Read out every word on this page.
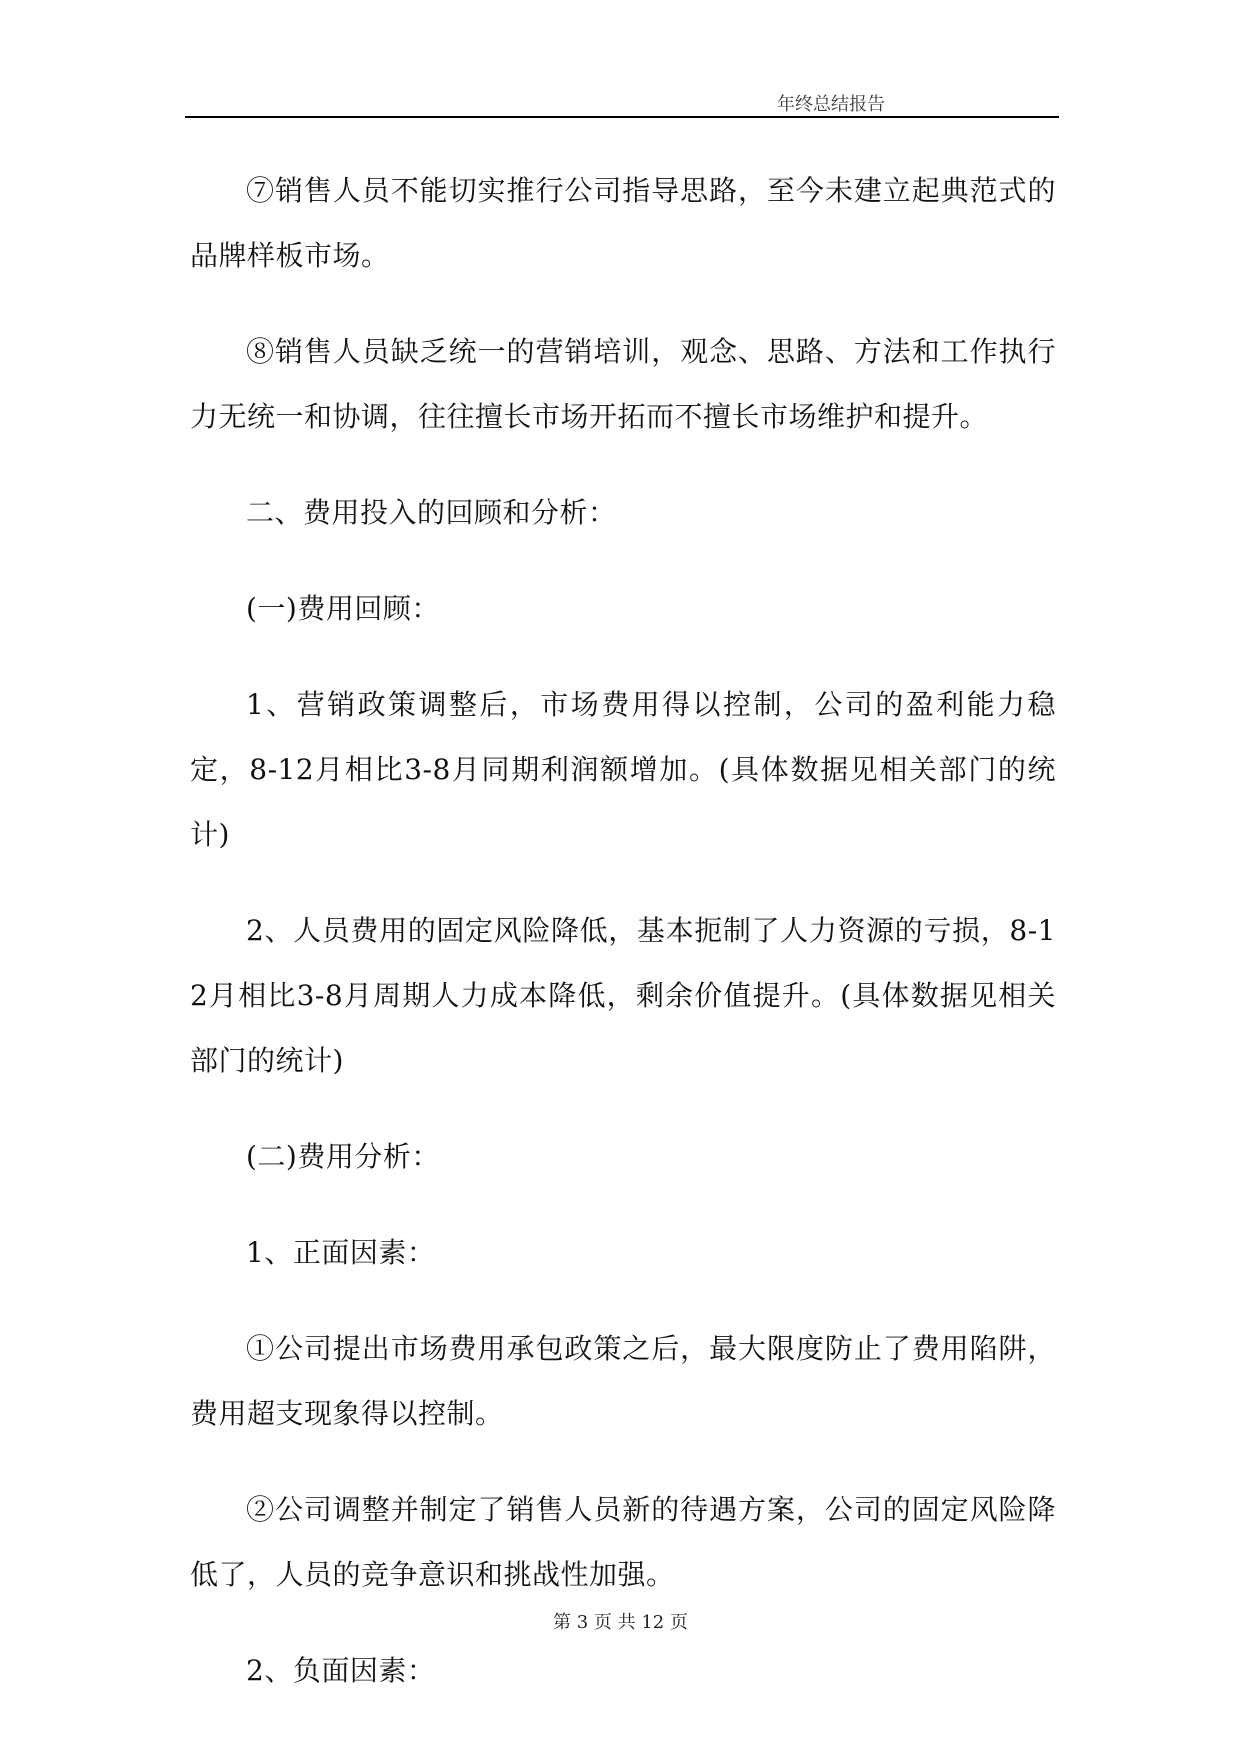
年终总结报告

⑦销售人员不能切实推行公司指导思路，至今未建立起典范式的品牌样板市场。

⑧销售人员缺乏统一的营销培训，观念、思路、方法和工作执行力无统一和协调，往往擅长市场开拓而不擅长市场维护和提升。

二、费用投入的回顾和分析：

(一)费用回顾：

1、营销政策调整后，市场费用得以控制，公司的盈利能力稳定，8-12月相比3-8月同期利润额增加。(具体数据见相关部门的统计)

2、人员费用的固定风险降低，基本扼制了人力资源的亏损，8-12月相比3-8月周期人力成本降低，剩余价值提升。(具体数据见相关部门的统计)

(二)费用分析：

1、正面因素：

①公司提出市场费用承包政策之后，最大限度防止了费用陷阱，费用超支现象得以控制。

②公司调整并制定了销售人员新的待遇方案，公司的固定风险降低了，人员的竞争意识和挑战性加强。

2、负面因素：

第 3 页 共 12 页
